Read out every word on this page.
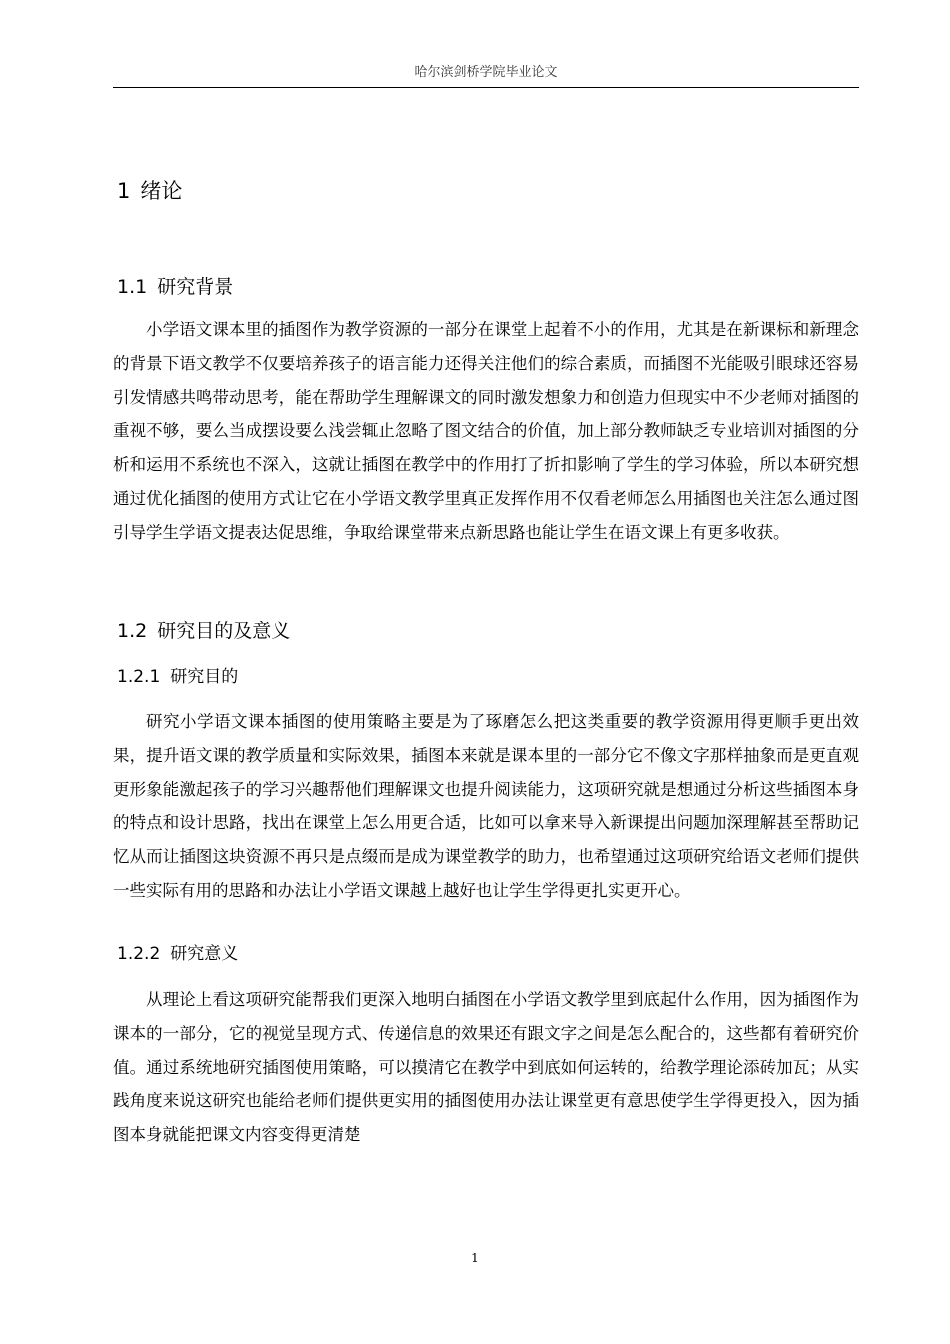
哈尔滨剑桥学院毕业论文
1 绪论
1.1 研究背景

小学语文课本里的插图作为教学资源的一部分在课堂上起着不小的作用，尤其是在新课标和新理念的背景下语文教学不仅要培养孩子的语言能力还得关注他们的综合素质，而插图不光能吸引眼球还容易引发情感共鸣带动思考，能在帮助学生理解课文的同时激发想象力和创造力但现实中不少老师对插图的重视不够，要么当成摆设要么浅尝辄止忽略了图文结合的价值，加上部分教师缺乏专业培训对插图的分析和运用不系统也不深入，这就让插图在教学中的作用打了折扣影响了学生的学习体验，所以本研究想通过优化插图的使用方式让它在小学语文教学里真正发挥作用不仅看老师怎么用插图也关注怎么通过图引导学生学语文提表达促思维，争取给课堂带来点新思路也能让学生在语文课上有更多收获。

1.2 研究目的及意义
1.2.1 研究目的

研究小学语文课本插图的使用策略主要是为了琢磨怎么把这类重要的教学资源用得更顺手更出效果，提升语文课的教学质量和实际效果，插图本来就是课本里的一部分它不像文字那样抽象而是更直观更形象能激起孩子的学习兴趣帮他们理解课文也提升阅读能力，这项研究就是想通过分析这些插图本身的特点和设计思路，找出在课堂上怎么用更合适，比如可以拿来导入新课提出问题加深理解甚至帮助记忆从而让插图这块资源不再只是点缀而是成为课堂教学的助力，也希望通过这项研究给语文老师们提供一些实际有用的思路和办法让小学语文课越上越好也让学生学得更扎实更开心。

1.2.2 研究意义

从理论上看这项研究能帮我们更深入地明白插图在小学语文教学里到底起什么作用，因为插图作为课本的一部分，它的视觉呈现方式、传递信息的效果还有跟文字之间是怎么配合的，这些都有着研究价值。通过系统地研究插图使用策略，可以摸清它在教学中到底如何运转的，给教学理论添砖加瓦；从实践角度来说这研究也能给老师们提供更实用的插图使用办法让课堂更有意思使学生学得更投入，因为插图本身就能把课文内容变得更清楚

1
